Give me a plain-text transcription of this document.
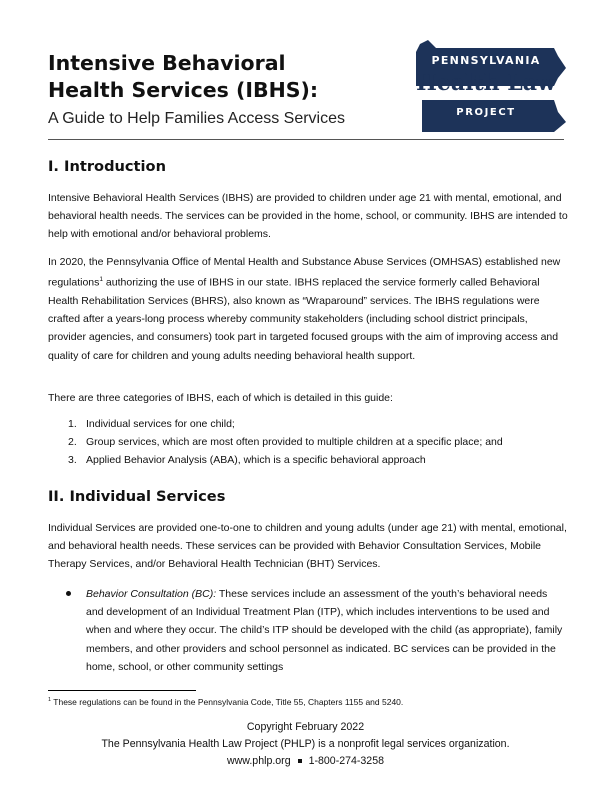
Intensive Behavioral
Health Services (IBHS):

A Guide to Help Families Access Services

PENNSYLVANIA
Health Law
PROJECT
I. Introduction

Intensive Behavioral Health Services (IBHS) are provided to children under age 21 with mental, emotional, and behavioral health needs. The services can be provided in the home, school, or community. IBHS are intended to help with emotional and/or behavioral problems.

In 2020, the Pennsylvania Office of Mental Health and Substance Abuse Services (OMHSAS) established new regulations$^1$ authorizing the use of IBHS in our state. IBHS replaced the service formerly called Behavioral Health Rehabilitation Services (BHRS), also known as “Wraparound” services. The IBHS regulations were crafted after a years-long process whereby community stakeholders (including school district principals, provider agencies, and consumers) took part in targeted focused groups with the aim of improving access and quality of care for children and young adults needing behavioral health support.

There are three categories of IBHS, each of which is detailed in this guide:

1. Individual services for one child;
2. Group services, which are most often provided to multiple children at a specific place; and
3. Applied Behavior Analysis (ABA), which is a specific behavioral approach
II. Individual Services

Individual Services are provided one-to-one to children and young adults (under age 21) with mental, emotional, and behavioral health needs. These services can be provided with Behavior Consultation Services, Mobile Therapy Services, and/or Behavioral Health Technician (BHT) Services.

Behavior Consultation (BC): These services include an assessment of the youth’s behavioral needs and development of an Individual Treatment Plan (ITP), which includes interventions to be used and when and where they occur. The child’s ITP should be developed with the child (as appropriate), family members, and other providers and school personnel as indicated. BC services can be provided in the home, school, or other community settings

$^1$ These regulations can be found in the Pennsylvania Code, Title 55, Chapters 1155 and 5240.

Copyright February 2022

The Pennsylvania Health Law Project (PHLP) is a nonprofit legal services organization.

www.phlp.org 1-800-274-3258
